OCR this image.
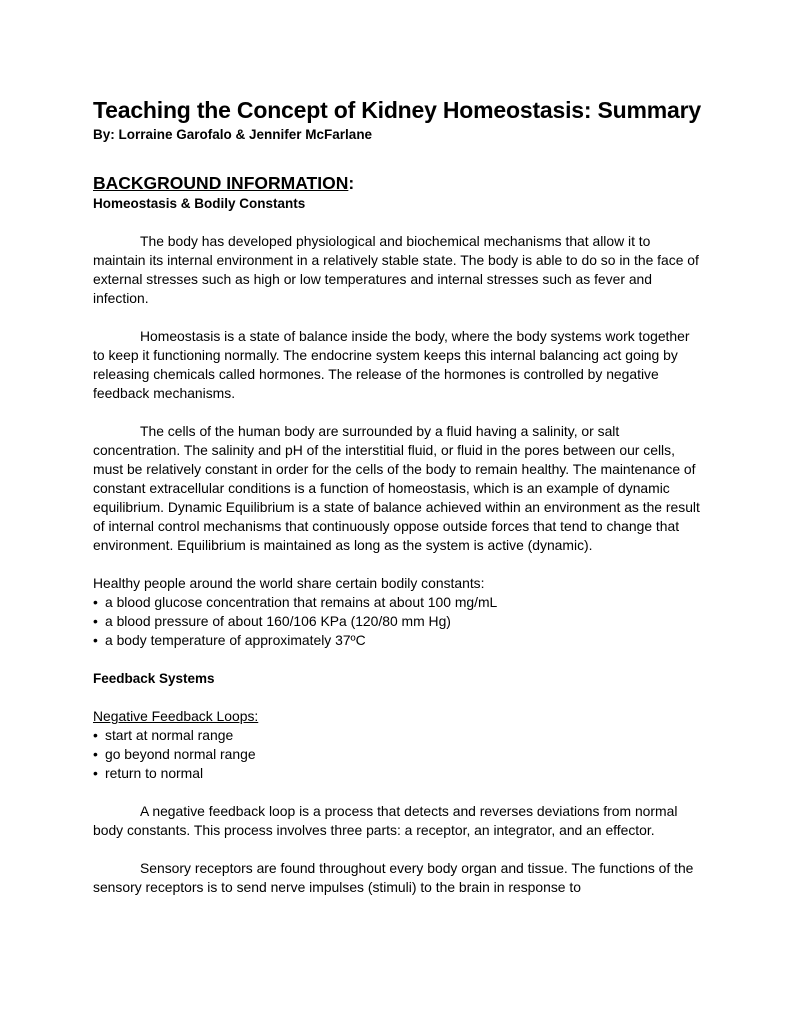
Teaching the Concept of Kidney Homeostasis: Summary

By: Lorraine Garofalo & Jennifer McFarlane

BACKGROUND INFORMATION:

Homeostasis & Bodily Constants

The body has developed physiological and biochemical mechanisms that allow it to maintain its internal environment in a relatively stable state. The body is able to do so in the face of external stresses such as high or low temperatures and internal stresses such as fever and infection.

Homeostasis is a state of balance inside the body, where the body systems work together to keep it functioning normally. The endocrine system keeps this internal balancing act going by releasing chemicals called hormones. The release of the hormones is controlled by negative feedback mechanisms.

The cells of the human body are surrounded by a fluid having a salinity, or salt concentration. The salinity and pH of the interstitial fluid, or fluid in the pores between our cells, must be relatively constant in order for the cells of the body to remain healthy. The maintenance of constant extracellular conditions is a function of homeostasis, which is an example of dynamic equilibrium. Dynamic Equilibrium is a state of balance achieved within an environment as the result of internal control mechanisms that continuously oppose outside forces that tend to change that environment. Equilibrium is maintained as long as the system is active (dynamic).

Healthy people around the world share certain bodily constants:

• a blood glucose concentration that remains at about 100 mg/mL
• a blood pressure of about 160/106 KPa (120/80 mm Hg)
• a body temperature of approximately 37ºC

Feedback Systems

Negative Feedback Loops:

• start at normal range
• go beyond normal range
• return to normal

A negative feedback loop is a process that detects and reverses deviations from normal body constants. This process involves three parts: a receptor, an integrator, and an effector.

Sensory receptors are found throughout every body organ and tissue. The functions of the sensory receptors is to send nerve impulses (stimuli) to the brain in response to
